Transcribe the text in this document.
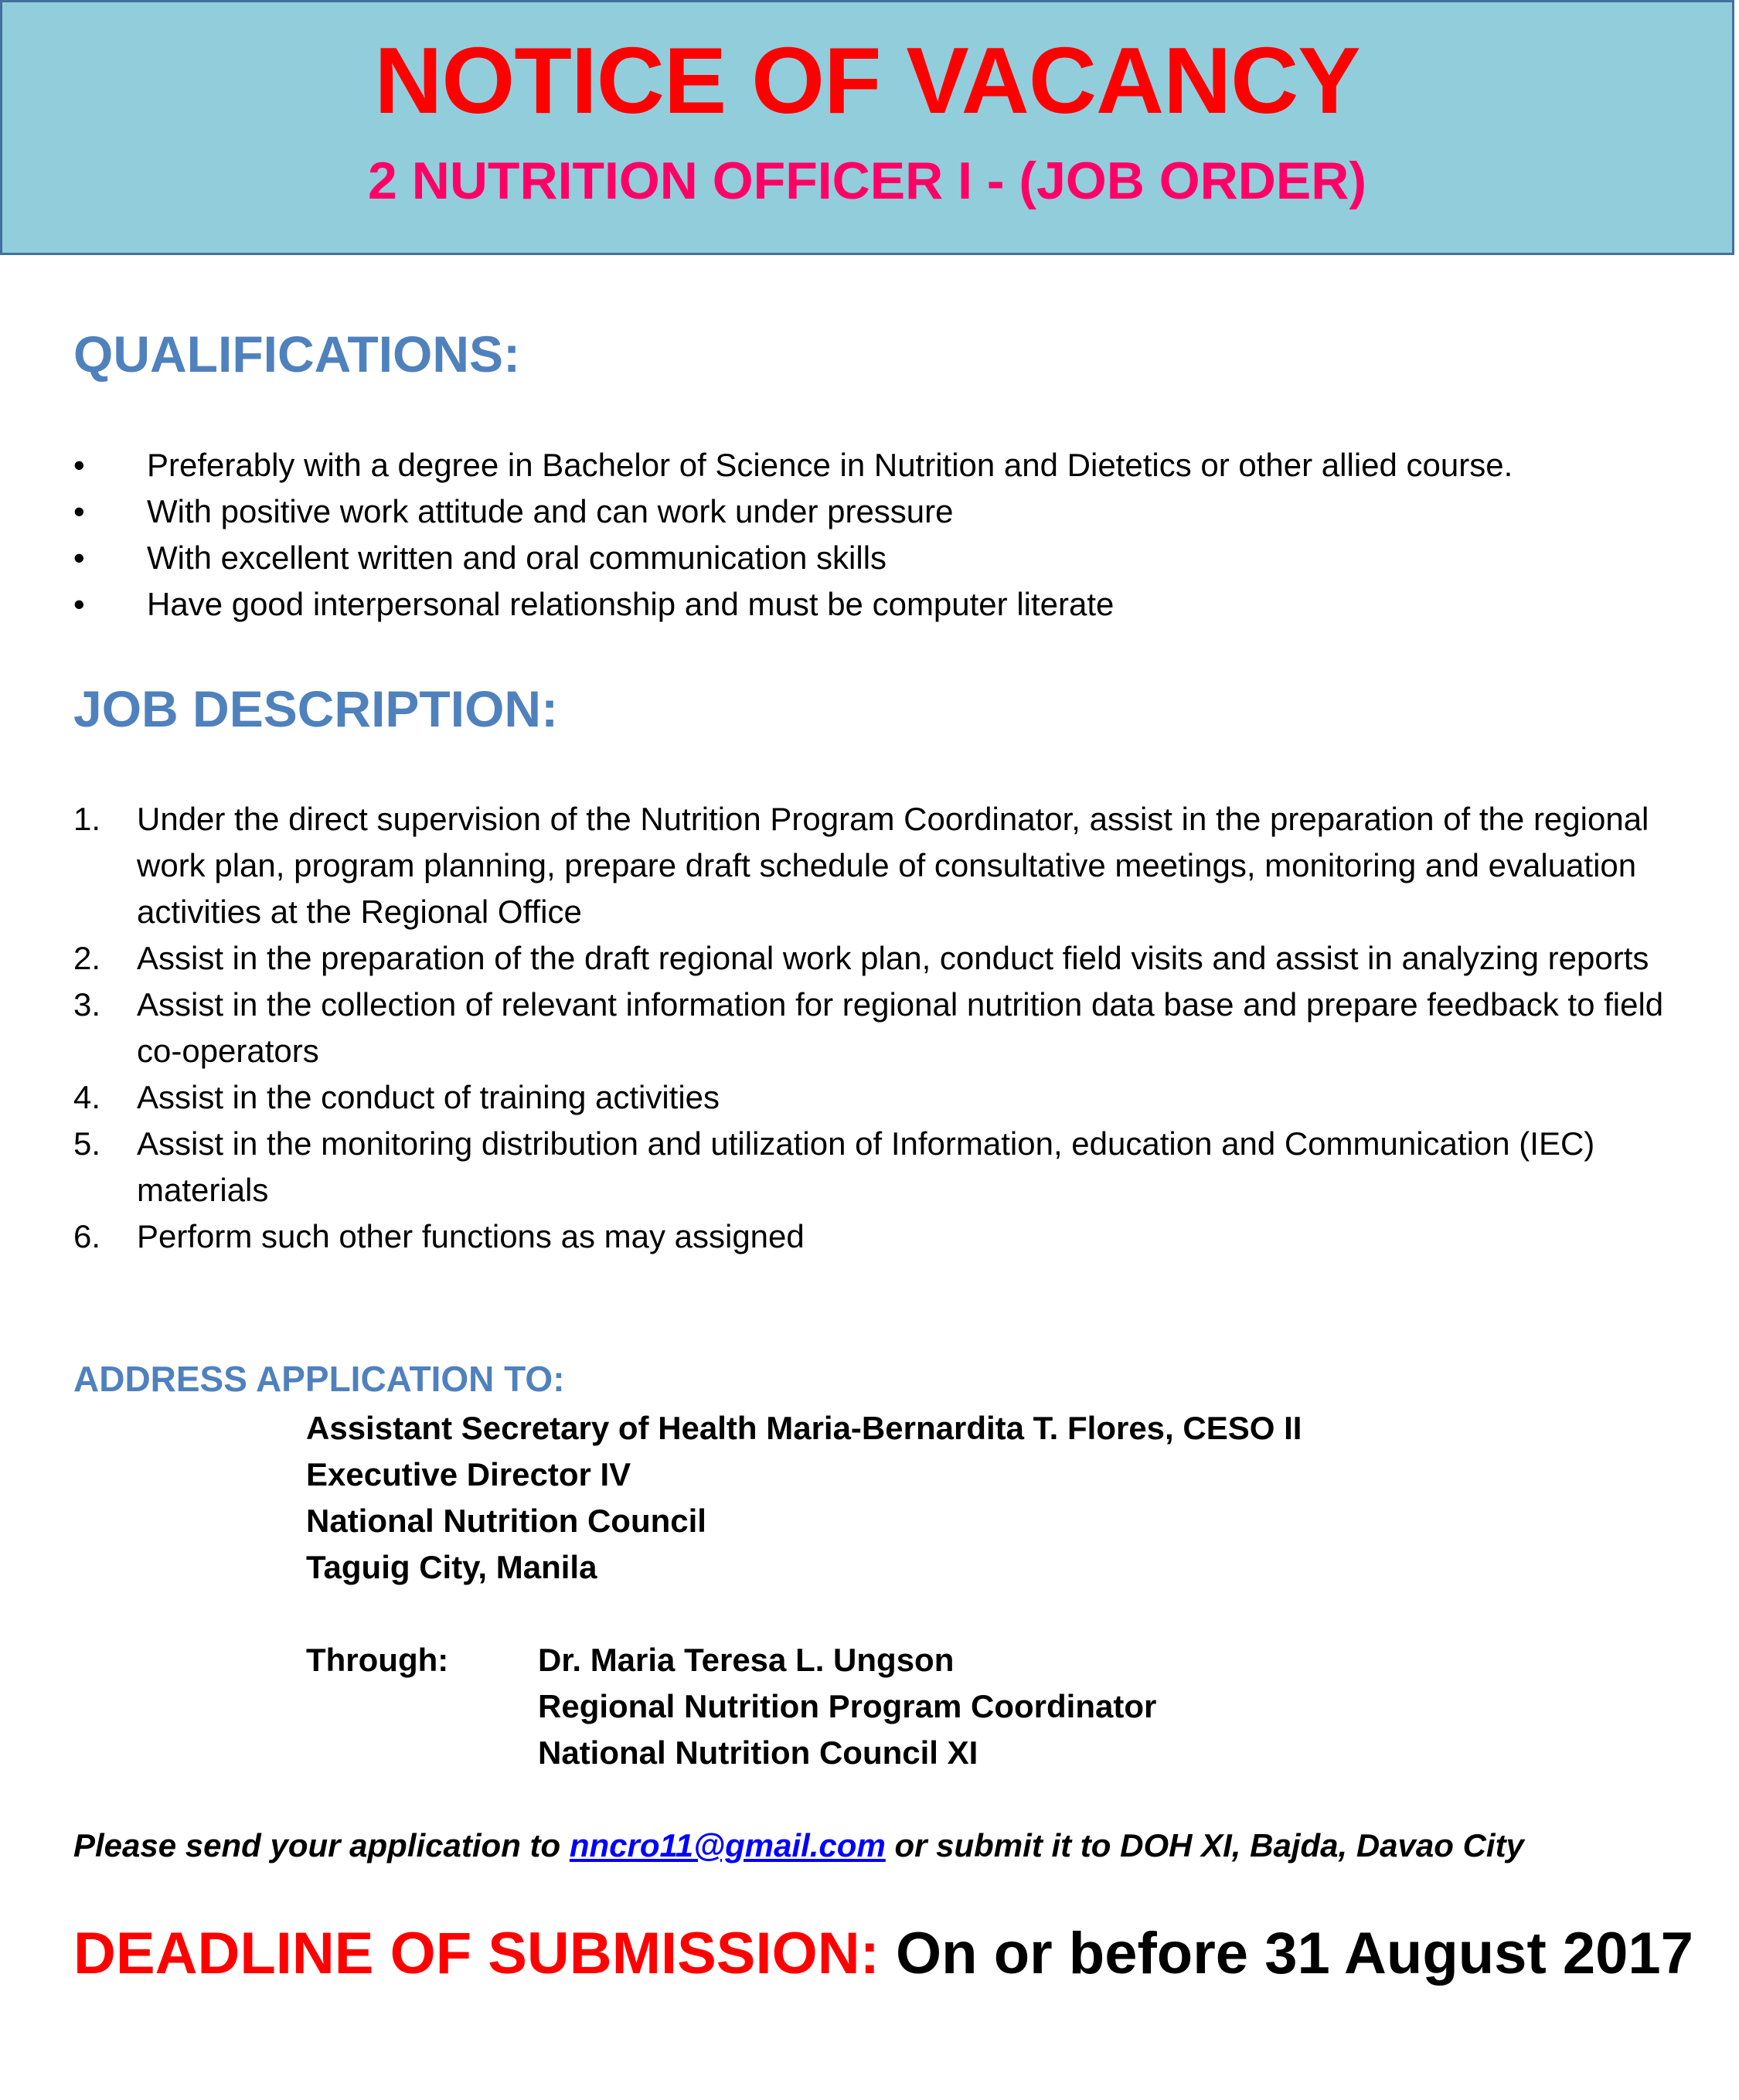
NOTICE OF VACANCY
2 NUTRITION OFFICER I - (JOB ORDER)
QUALIFICATIONS:
• Preferably with a degree in Bachelor of Science in Nutrition and Dietetics or other allied course.
• With positive work attitude and can work under pressure
• With excellent written and oral communication skills
• Have good interpersonal relationship and must be computer literate
JOB DESCRIPTION:
1. Under the direct supervision of the Nutrition Program Coordinator, assist in the preparation of the regional work plan, program planning, prepare draft schedule of consultative meetings, monitoring and evaluation activities at the Regional Office
2. Assist in the preparation of the draft regional work plan, conduct field visits and assist in analyzing reports
3. Assist in the collection of relevant information for regional nutrition data base and prepare feedback to field co-operators
4. Assist in the conduct of training activities
5. Assist in the monitoring distribution and utilization of Information, education and Communication (IEC) materials
6. Perform such other functions as may assigned
ADDRESS APPLICATION TO:
Assistant Secretary of Health Maria-Bernardita T. Flores, CESO II
Executive Director IV
National Nutrition Council
Taguig City, Manila
Through:	Dr. Maria Teresa L. Ungson
Regional Nutrition Program Coordinator
National Nutrition Council XI
Please send your application to nncro11@gmail.com or submit it to DOH XI, Bajda, Davao City
DEADLINE OF SUBMISSION: On or before 31 August 2017
